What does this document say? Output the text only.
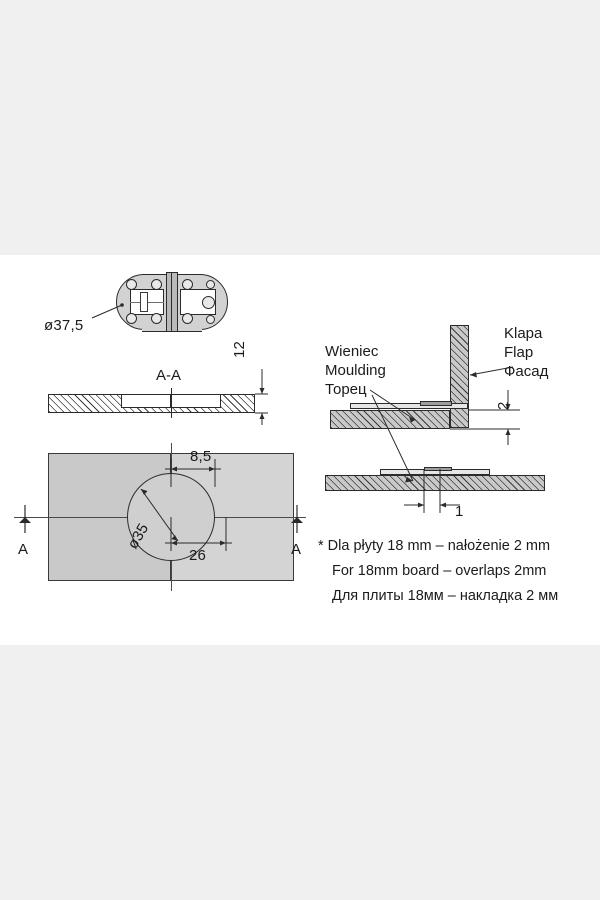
ø37,5
A-A
12
8,5
ø35
26
A	A
2
1
Wieniec
Moulding
Торец
Klapa
Flap
Фасад
* Dla płyty 18 mm – nałożenie 2 mm
For 18mm board – overlaps 2mm
Для плиты 18мм – накладка 2 мм
